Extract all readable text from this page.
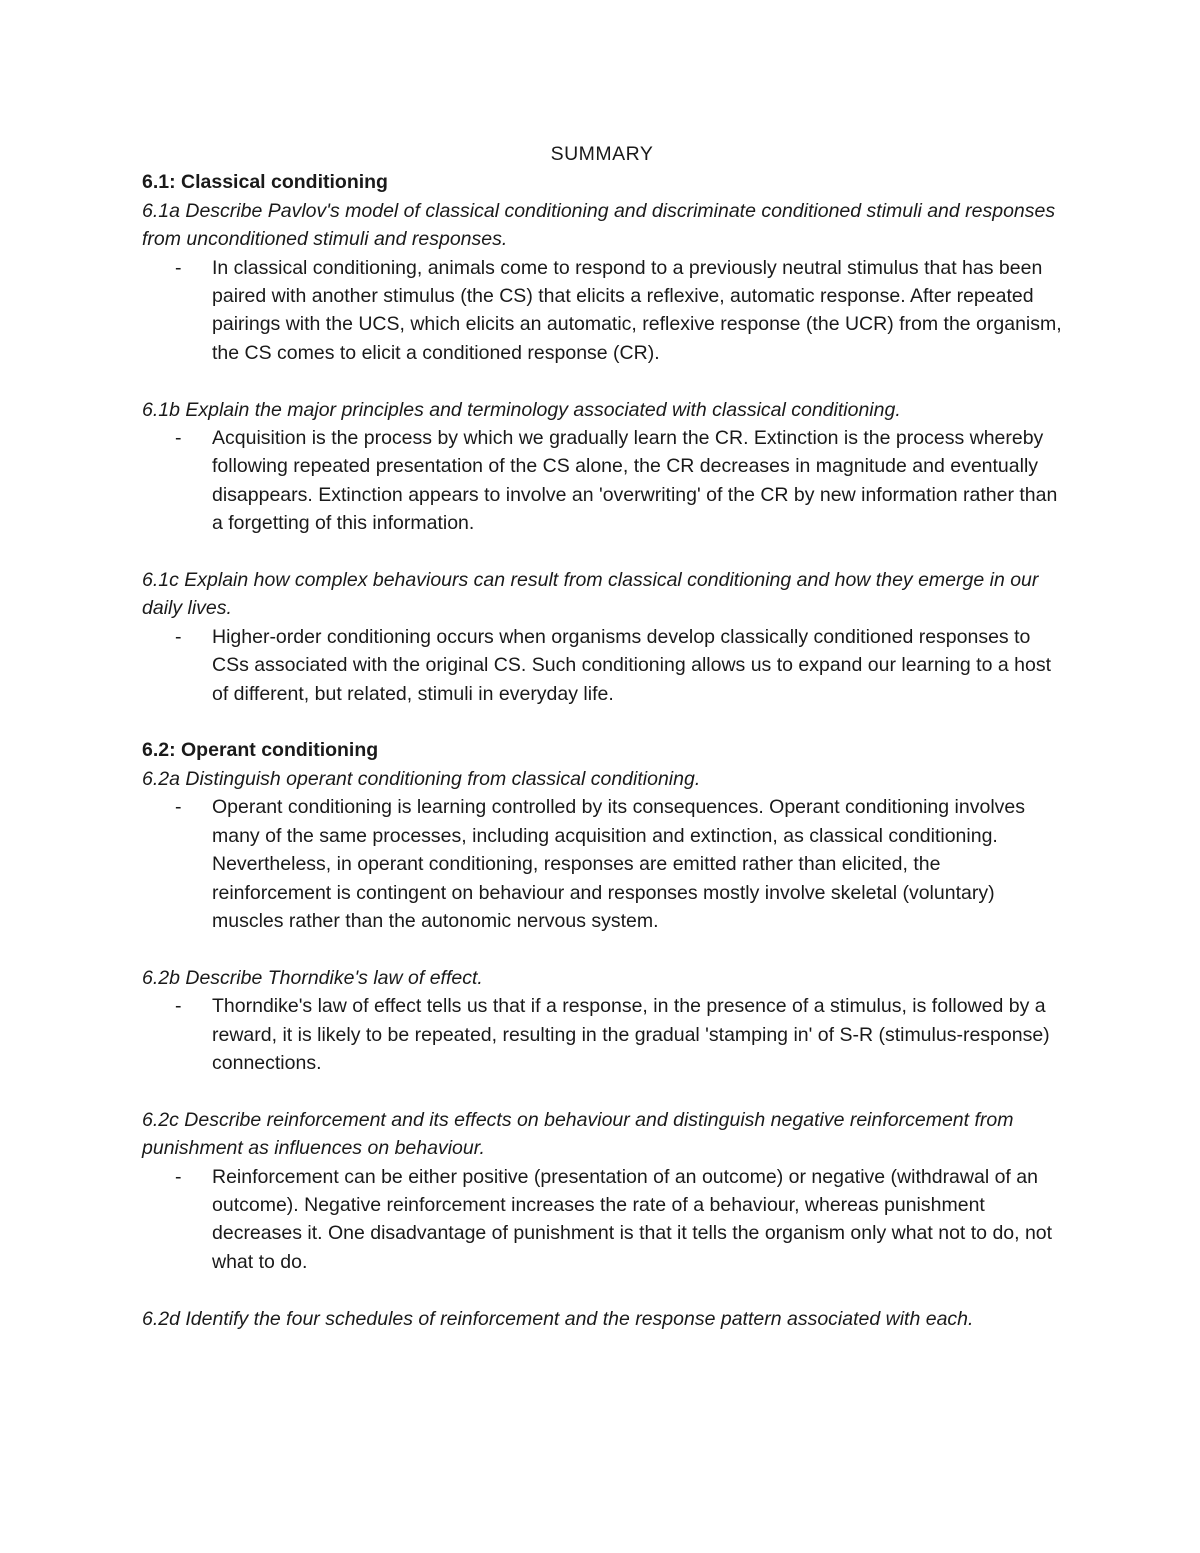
SUMMARY
6.1: Classical conditioning

6.1a Describe Pavlov's model of classical conditioning and discriminate conditioned stimuli and responses from unconditioned stimuli and responses.

- In classical conditioning, animals come to respond to a previously neutral stimulus that has been paired with another stimulus (the CS) that elicits a reflexive, automatic response. After repeated pairings with the UCS, which elicits an automatic, reflexive response (the UCR) from the organism, the CS comes to elicit a conditioned response (CR).

6.1b Explain the major principles and terminology associated with classical conditioning.

- Acquisition is the process by which we gradually learn the CR. Extinction is the process whereby following repeated presentation of the CS alone, the CR decreases in magnitude and eventually disappears. Extinction appears to involve an 'overwriting' of the CR by new information rather than a forgetting of this information.

6.1c Explain how complex behaviours can result from classical conditioning and how they emerge in our daily lives.

- Higher-order conditioning occurs when organisms develop classically conditioned responses to CSs associated with the original CS. Such conditioning allows us to expand our learning to a host of different, but related, stimuli in everyday life.
6.2: Operant conditioning

6.2a Distinguish operant conditioning from classical conditioning.

- Operant conditioning is learning controlled by its consequences. Operant conditioning involves many of the same processes, including acquisition and extinction, as classical conditioning. Nevertheless, in operant conditioning, responses are emitted rather than elicited, the reinforcement is contingent on behaviour and responses mostly involve skeletal (voluntary) muscles rather than the autonomic nervous system.

6.2b Describe Thorndike's law of effect.

- Thorndike's law of effect tells us that if a response, in the presence of a stimulus, is followed by a reward, it is likely to be repeated, resulting in the gradual 'stamping in' of S-R (stimulus-response) connections.

6.2c Describe reinforcement and its effects on behaviour and distinguish negative reinforcement from punishment as influences on behaviour.

- Reinforcement can be either positive (presentation of an outcome) or negative (withdrawal of an outcome). Negative reinforcement increases the rate of a behaviour, whereas punishment decreases it. One disadvantage of punishment is that it tells the organism only what not to do, not what to do.

6.2d Identify the four schedules of reinforcement and the response pattern associated with each.
